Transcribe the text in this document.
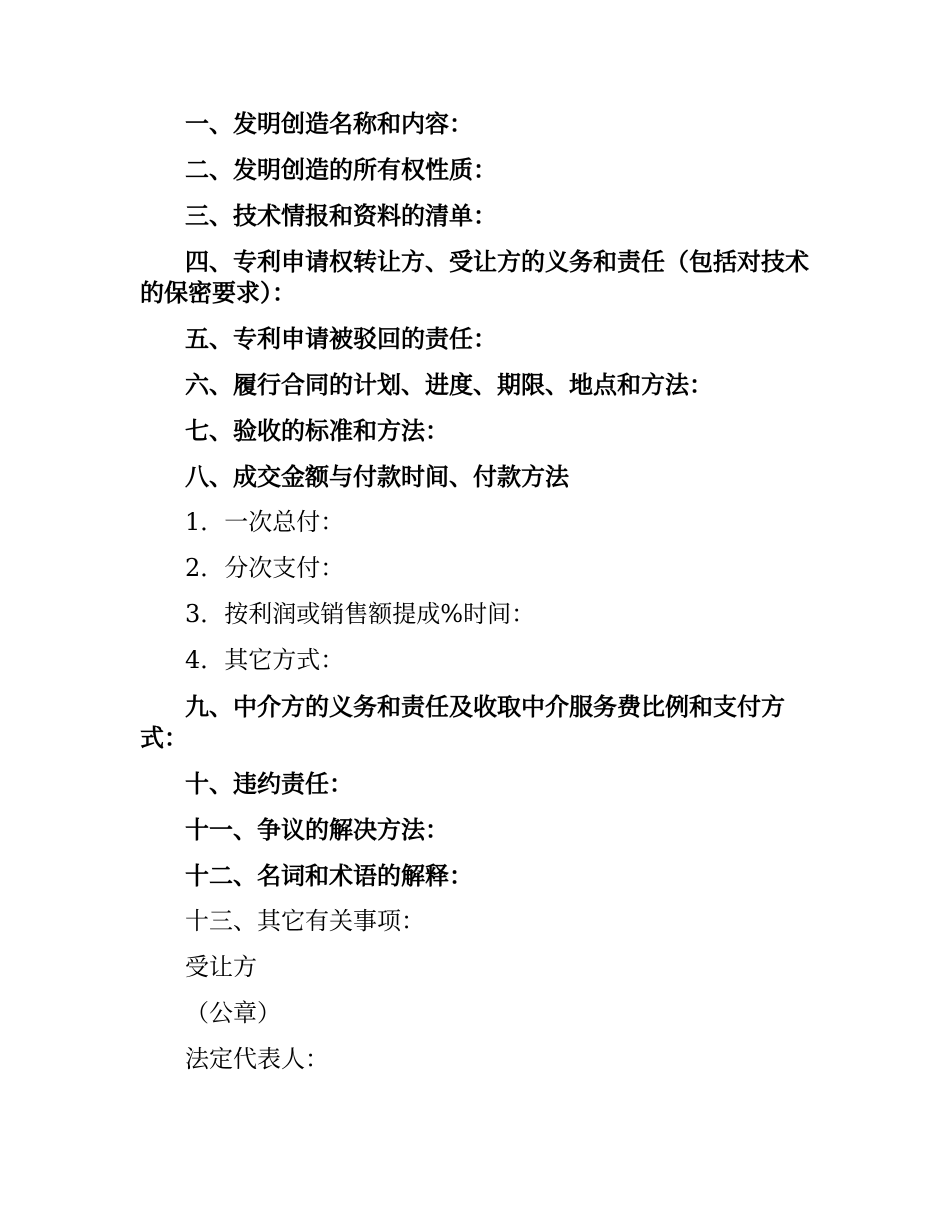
一、发明创造名称和内容：

二、发明创造的所有权性质：

三、技术情报和资料的清单：

四、专利申请权转让方、受让方的义务和责任（包括对技术的保密要求）：

五、专利申请被驳回的责任：

六、履行合同的计划、进度、期限、地点和方法：

七、验收的标准和方法：

八、成交金额与付款时间、付款方法

1．一次总付：

2．分次支付：

3．按利润或销售额提成%时间：

4．其它方式：

九、中介方的义务和责任及收取中介服务费比例和支付方式：

十、违约责任：

十一、争议的解决方法：

十二、名词和术语的解释：

十三、其它有关事项：

受让方

（公章）

法定代表人：
